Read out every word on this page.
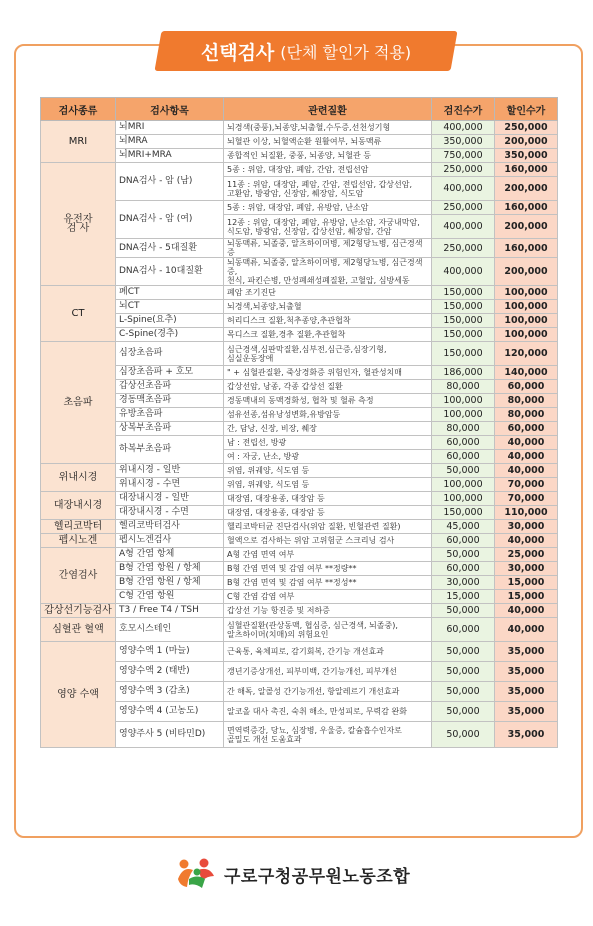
선택검사 (단체 할인가 적용)
검사종류	검사항목	관련질환	검진수가	할인수가
MRI	뇌MRI	뇌경색(중풍),뇌종양,뇌출혈,수두증,선천성기형	400,000	250,000
	뇌MRA	뇌혈관 이상, 뇌혈액순환 원활여부, 뇌동맥류	350,000	200,000
	뇌MRI+MRA	종합적인 뇌질환, 중풍, 뇌종양, 뇌혈관 등	750,000	350,000
유전자
검 사	DNA검사 - 암 (남)	5종 : 위암, 대장암, 폐암, 간암, 전립선암	250,000	160,000
		11종 : 위암, 대장암, 폐암, 간암, 전립선암, 갑상선암,
고환암, 방광암, 신장암, 췌장암, 식도암	400,000	200,000
	DNA검사 - 암 (여)	5종 : 위암, 대장암, 폐암, 유방암, 난소암	250,000	160,000
		12종 : 위암, 대장암, 폐암, 유방암, 난소암, 자궁내막암,
식도암, 방광암, 신장암, 갑상선암, 췌장암, 간암	400,000	200,000
	DNA검사 - 5대질환	뇌동맥류, 뇌졸중, 알츠하이머병, 제2형당뇨병, 심근경색증	250,000	160,000
	DNA검사 - 10대질환	뇌동맥류, 뇌졸중, 알츠하이머병, 제2형당뇨병, 심근경색증,
천식, 파킨슨병, 만성폐쇄성폐질환, 고혈압, 심방세동	400,000	200,000
CT	폐CT	폐암 조기진단	150,000	100,000
	뇌CT	뇌경색,뇌종양,뇌출혈	150,000	100,000
	L-Spine(요추)	허리디스크 질환,척추종양,추관협착	150,000	100,000
	C-Spine(경추)	목디스크 질환,경추 질환,추관협착	150,000	100,000
초음파	심장초음파	심근경색,심판막질환,심부전,심근증,심장기형,
심실운동장애	150,000	120,000
	심장초음파 + 호모	" + 심혈관질환, 죽상경화증 위험인자, 혈관성치매	186,000	140,000
	갑상선초음파	갑상선암, 낭종, 각종 갑상선 질환	80,000	60,000
	경동맥초음파	경동맥내의 동맥경화성, 협착 및 혈류 측정	100,000	80,000
	유방초음파	섬유선종,섬유낭성변화,유방암등	100,000	80,000
	상복부초음파	간, 담낭, 신장, 비장, 췌장	80,000	60,000
	하복부초음파	남 : 전립선, 방광	60,000	40,000
		여 : 자궁, 난소, 방광	60,000	40,000
위내시경	위내시경 - 일반	위염, 위궤양, 식도염 등	50,000	40,000
	위내시경 - 수면	위염, 위궤양, 식도염 등	100,000	70,000
대장내시경	대장내시경 - 일반	대장염, 대장용종, 대장암 등	100,000	70,000
	대장내시경 - 수면	대장염, 대장용종, 대장암 등	150,000	110,000
헬리코박터	헬리코박터검사	헬리코박터균 진단검사(위암 질환, 빈혈관련 질환)	45,000	30,000
펩시노겐	펩시노겐검사	혈액으로 검사하는 위암 고위험군 스크리닝 검사	60,000	40,000
간염검사	A형 간염 항체	A형 간염 면역 여부	50,000	25,000
	B형 간염 항원 / 항체	B형 간염 면역 및 감염 여부 **정량**	60,000	30,000
	B형 간염 항원 / 항체	B형 간염 면역 및 감염 여부 **정성**	30,000	15,000
	C형 간염 항원	C형 간염 감염 여부	15,000	15,000
갑상선기능검사	T3 / Free T4 / TSH	갑상선 기능 항진증 및 저하증	50,000	40,000
심혈관 혈액	호모시스테인	심혈관질환(관상동맥, 협심증, 심근경색, 뇌졸중),
알츠하이머(치매)의 위험요인	60,000	40,000
영양 수액	영양수액 1 (마늘)	근육통, 육체피로, 감기회복, 간기능 개선효과	50,000	35,000
	영양수액 2 (태반)	갱년기증상개선, 피부미백, 간기능개선, 피부개선	50,000	35,000
	영양수액 3 (감초)	간 해독, 알콜성 간기능개선, 항알레르기 개선효과	50,000	35,000
	영양수액 4 (고농도)	알코올 대사 촉진, 숙취 해소, 만성피로, 무력감 완화	50,000	35,000
	영양주사 5 (비타민D)	면역력증강, 당뇨, 심장병, 우울증, 칼슘흡수인자로
골밀도 개선 도움효과	50,000	35,000
구로구청공무원노동조합
